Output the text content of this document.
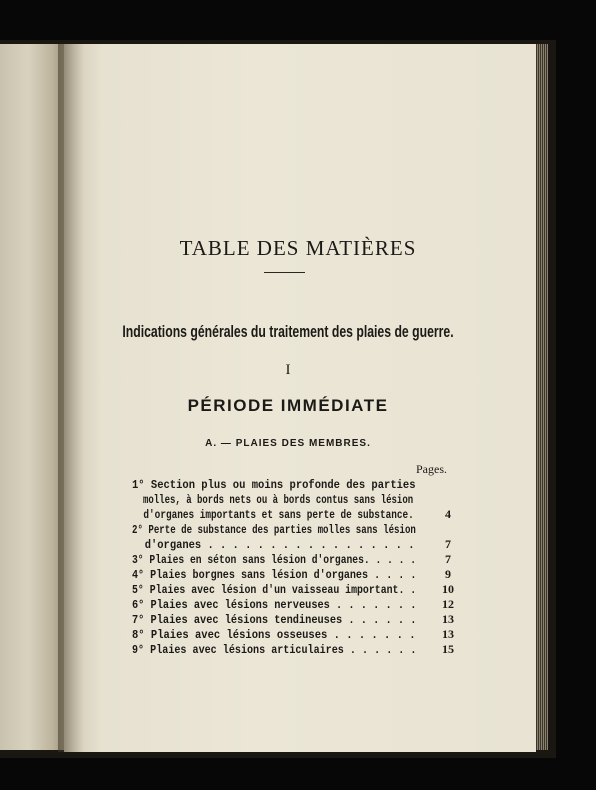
TABLE DES MATIÈRES
Indications générales du traitement des plaies de guerre.
I
PÉRIODE IMMÉDIATE
A. — PLAIES DES MEMBRES.
Pages.
1° Section plus ou moins profonde des parties
molles, à bords nets ou à bords contus sans lésion
d'organes importants et sans perte de substance.	4
2° Perte de substance des parties molles sans lésion
d'organes . . . . . . . . . . . . . . . . .	7
3° Plaies en séton sans lésion d'organes. . . . .	7
4° Plaies borgnes sans lésion d'organes . . . .	9
5° Plaies avec lésion d'un vaisseau important. .	10
6° Plaies avec lésions nerveuses . . . . . . .	12
7° Plaies avec lésions tendineuses . . . . . .	13
8° Plaies avec lésions osseuses . . . . . . .	13
9° Plaies avec lésions articulaires . . . . . .	15
